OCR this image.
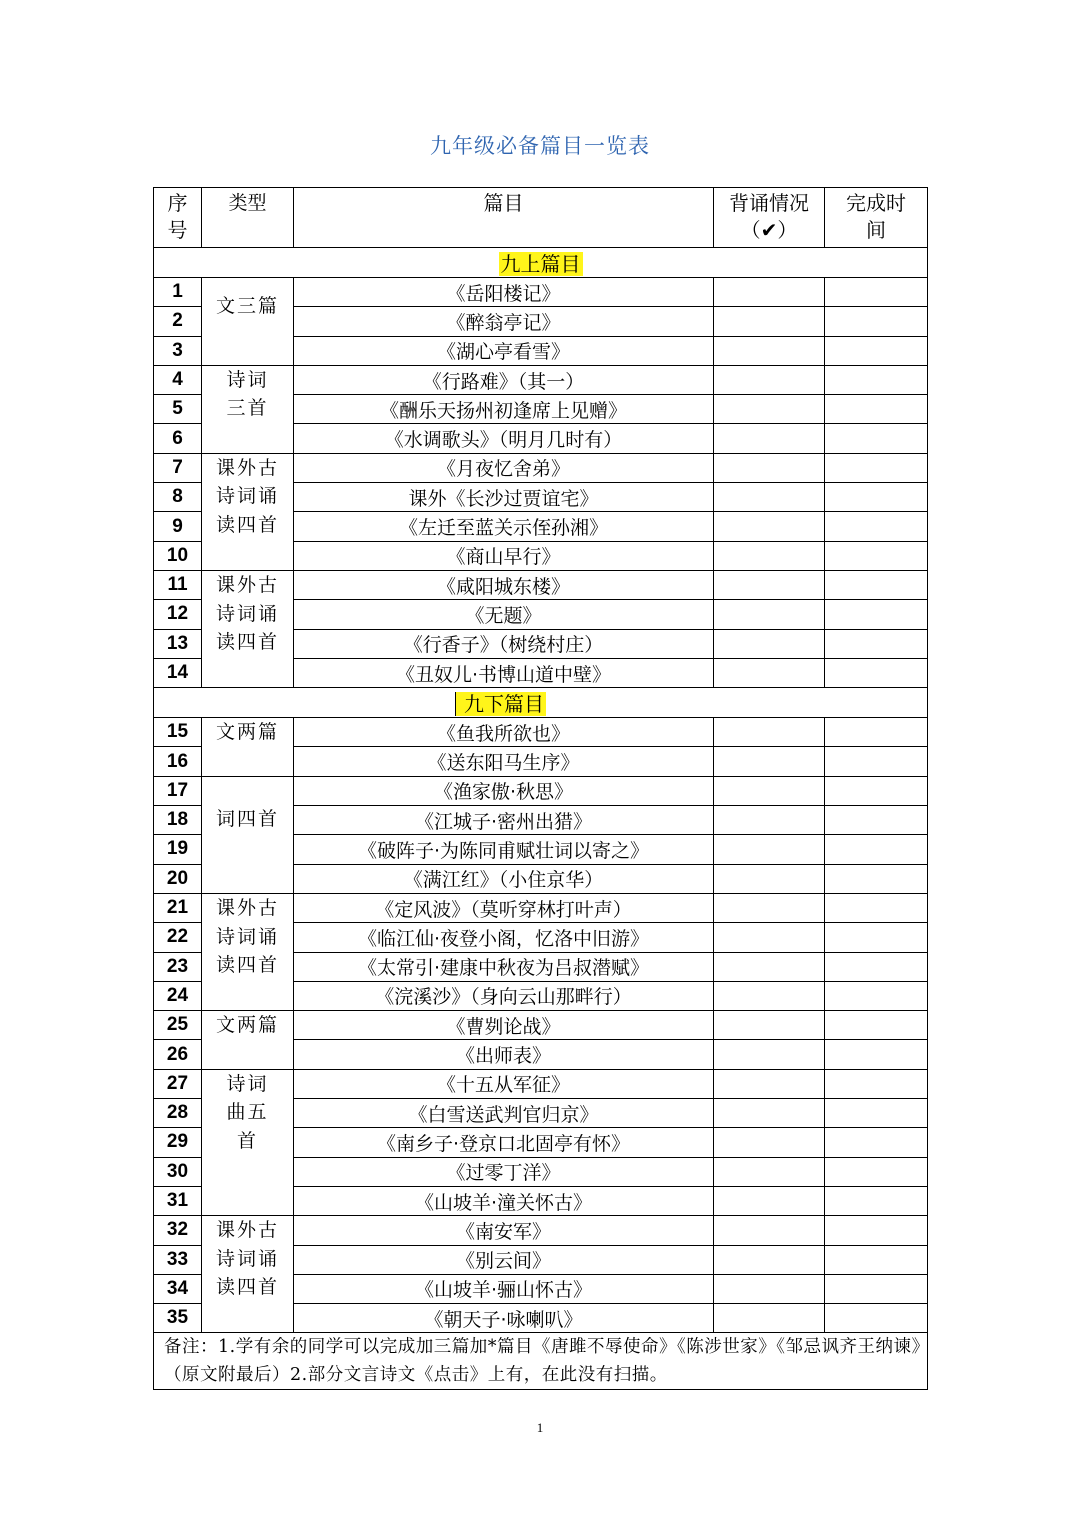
九年级必备篇目一览表
序号	类型	篇目	背诵情况（✔）	完成时间
九上篇目				
1	文三篇	《岳阳楼记》		
2		《醉翁亭记》		
3		《湖心亭看雪》		
4	诗词三首	《行路难》（其一）		
5		《酬乐天扬州初逢席上见赠》		
6		《水调歌头》（明月几时有）		
7	课外古诗词诵读四首	《月夜忆舍弟》		
8		课外《长沙过贾谊宅》		
9		《左迁至蓝关示侄孙湘》		
10		《商山早行》		
11	课外古诗词诵读四首	《咸阳城东楼》		
12		《无题》		
13		《行香子》（树绕村庄）		
14		《丑奴儿·书博山道中壁》		
九下篇目				
15	文两篇	《鱼我所欲也》		
16		《送东阳马生序》		
17	词四首	《渔家傲·秋思》		
18		《江城子·密州出猎》		
19		《破阵子·为陈同甫赋壮词以寄之》		
20		《满江红》（小住京华）		
21	课外古诗词诵读四首	《定风波》（莫听穿林打叶声）		
22		《临江仙·夜登小阁，忆洛中旧游》		
23		《太常引·建康中秋夜为吕叔潜赋》		
24		《浣溪沙》（身向云山那畔行）		
25	文两篇	《曹刿论战》		
26		《出师表》		
27	诗词曲五首	《十五从军征》		
28		《白雪送武判官归京》		
29		《南乡子·登京口北固亭有怀》		
30		《过零丁洋》		
31		《山坡羊·潼关怀古》		
32	课外古诗词诵读四首	《南安军》		
33		《别云间》		
34		《山坡羊·骊山怀古》		
35		《朝天子·咏喇叭》		
备注：1.学有余的同学可以完成加三篇加*篇目《唐雎不辱使命》《陈涉世家》《邹忌讽齐王纳谏》（原文附最后）2.部分文言诗文《点击》上有，在此没有扫描。				
1
